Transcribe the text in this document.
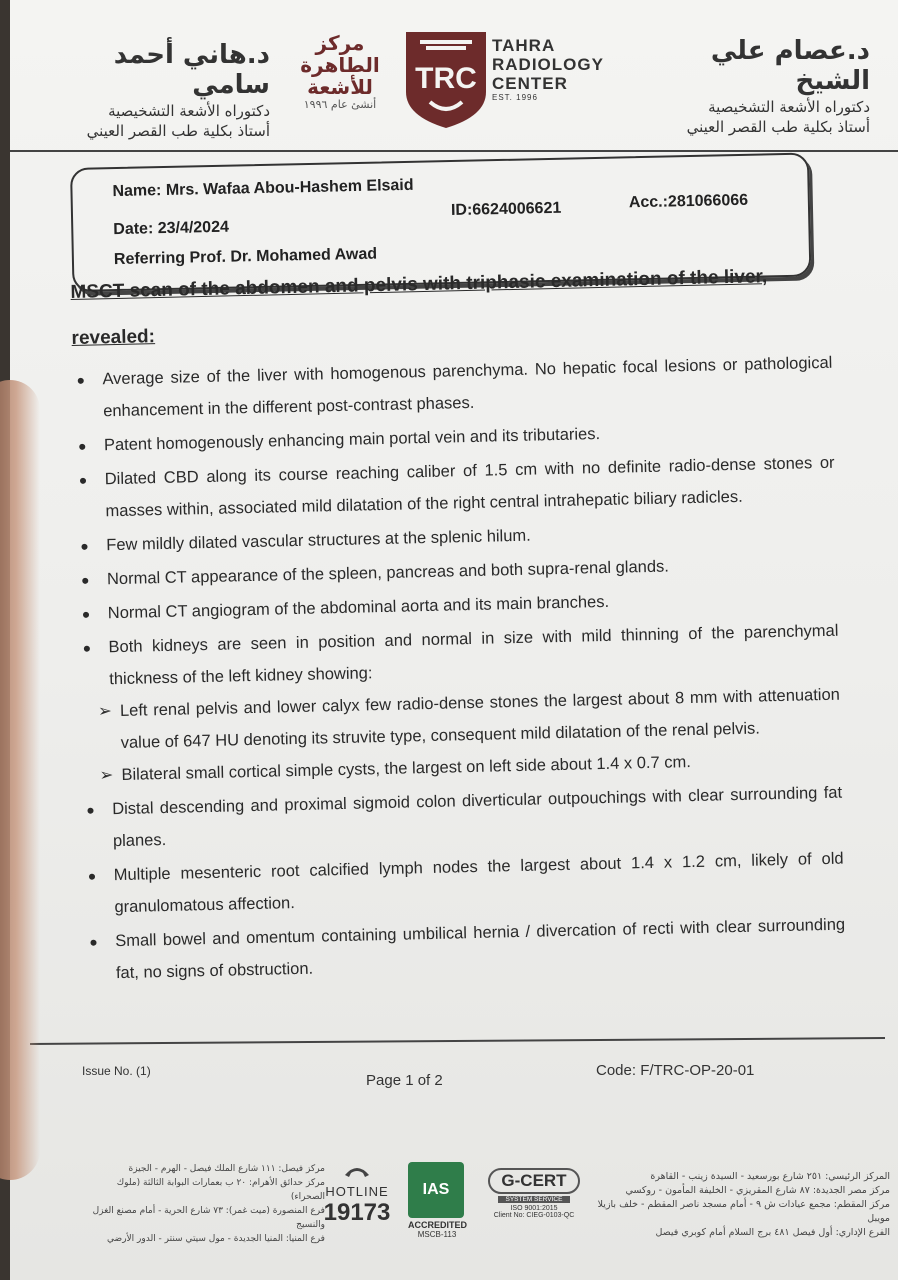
د.هاني أحمد سامي
دكتوراه الأشعة التشخيصية
أستاذ بكلية طب القصر العيني
مركز
الطاهرة
للأشعة
أنشئ عام ١٩٩٦
TRC
TAHRA
RADIOLOGY
CENTER
EST. 1996
د.عصام علي الشيخ
دكتوراه الأشعة التشخيصية
أستاذ بكلية طب القصر العيني
Name: Mrs. Wafaa Abou-Hashem Elsaid
Date: 23/4/2024
ID:6624006621	Acc.:281066066
Referring Prof. Dr. Mohamed Awad
MSCT scan of the abdomen and pelvis with triphasic examination of the liver, revealed:
● Average size of the liver with homogenous parenchyma. No hepatic focal lesions or pathological enhancement in the different post-contrast phases.
● Patent homogenously enhancing main portal vein and its tributaries.
● Dilated CBD along its course reaching caliber of 1.5 cm with no definite radio-dense stones or masses within, associated mild dilatation of the right central intrahepatic biliary radicles.
● Few mildly dilated vascular structures at the splenic hilum.
● Normal CT appearance of the spleen, pancreas and both supra-renal glands.
● Normal CT angiogram of the abdominal aorta and its main branches.
● Both kidneys are seen in position and normal in size with mild thinning of the parenchymal thickness of the left kidney showing:
➢ Left renal pelvis and lower calyx few radio-dense stones the largest about 8 mm with attenuation value of 647 HU denoting its struvite type, consequent mild dilatation of the renal pelvis.
➢ Bilateral small cortical simple cysts, the largest on left side about 1.4 x 0.7 cm.
● Distal descending and proximal sigmoid colon diverticular outpouchings with clear surrounding fat planes.
● Multiple mesenteric root calcified lymph nodes the largest about 1.4 x 1.2 cm, likely of old granulomatous affection.
● Small bowel and omentum containing umbilical hernia / divercation of recti with clear surrounding fat, no signs of obstruction.
Issue No. (1)
Page 1 of 2
Code: F/TRC-OP-20-01
مركز فيصل: ١١١ شارع الملك فيصل - الهرم - الجيزة
مركز حدائق الأهرام: ٢٠ ب بعمارات البوابة الثالثة (ملوك الصحراء)
فرع المنصورة (ميت غمر): ٧٣ شارع الحرية - أمام مصنع الغزل والنسيج
فرع المنيا: المنيا الجديدة - مول سيتي سنتر - الدور الأرضي
HOTLINE
19173
IAS
ACCREDITED
MSCB-113
G-CERT
SYSTEM SERVICE
ISO 9001:2015
Client No: CIEG-0103-QC
المركز الرئيسي: ٢٥١ شارع بورسعيد - السيدة زينب - القاهرة
مركز مصر الجديدة: ٨٧ شارع المقريزي - الخليفة المأمون - روكسي
مركز المقطم: مجمع عيادات ش ٩ - أمام مسجد ناصر المقطم - خلف بازيلا مويبل
الفرع الإداري: أول فيصل ٤٨١ برج السلام أمام كوبري فيصل
